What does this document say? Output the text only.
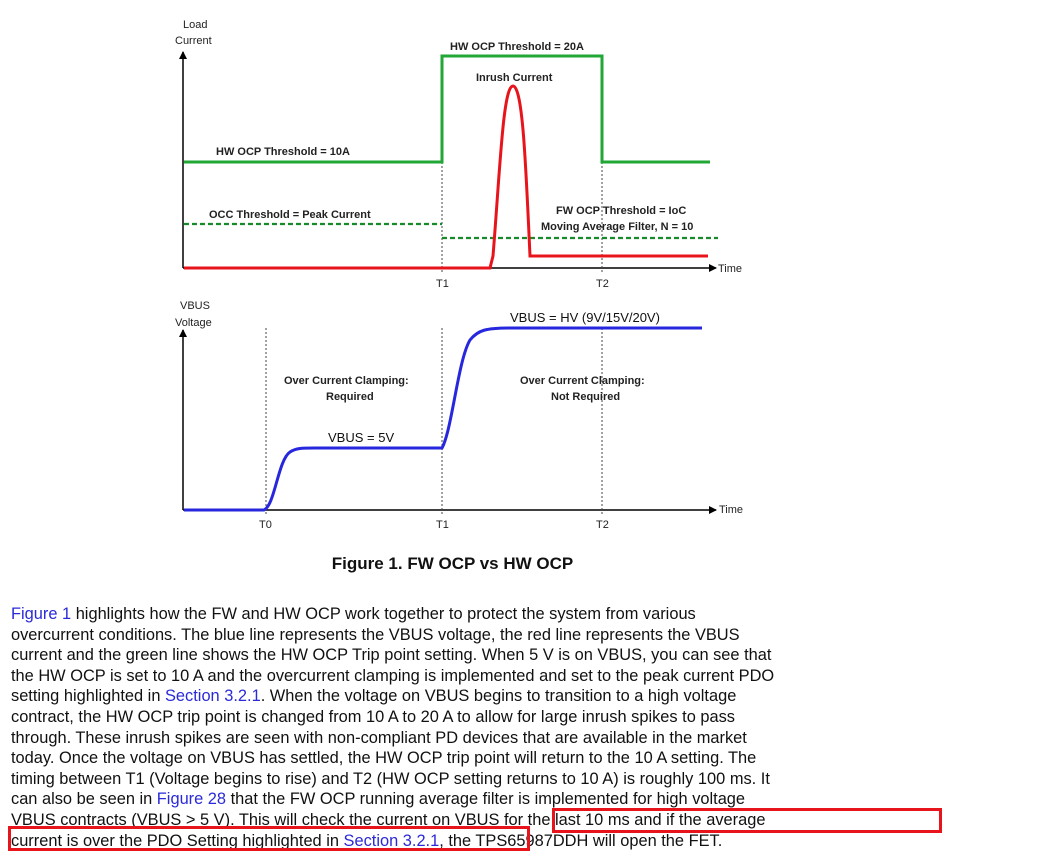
Load
Current
Time
T1	T2
HW OCP Threshold = 20A
Inrush Current
HW OCP Threshold = 10A
OCC Threshold = Peak Current	FW OCP Threshold = IoC
Moving Average Filter, N = 10
VBUS
Voltage
Time
T0	T1	T2
VBUS = HV (9V/15V/20V)
VBUS = 5V
Over Current Clamping:
Required
Over Current Clamping:
Not Required
Figure 1. FW OCP vs HW OCP
Figure 1 highlights how the FW and HW OCP work together to protect the system from various
overcurrent conditions. The blue line represents the VBUS voltage, the red line represents the VBUS
current and the green line shows the HW OCP Trip point setting. When 5 V is on VBUS, you can see that
the HW OCP is set to 10 A and the overcurrent clamping is implemented and set to the peak current PDO
setting highlighted in Section 3.2.1. When the voltage on VBUS begins to transition to a high voltage
contract, the HW OCP trip point is changed from 10 A to 20 A to allow for large inrush spikes to pass
through. These inrush spikes are seen with non-compliant PD devices that are available in the market
today. Once the voltage on VBUS has settled, the HW OCP trip point will return to the 10 A setting. The
timing between T1 (Voltage begins to rise) and T2 (HW OCP setting returns to 10 A) is roughly 100 ms. It
can also be seen in Figure 28 that the FW OCP running average filter is implemented for high voltage
VBUS contracts (VBUS > 5 V). This will check the current on VBUS for the last 10 ms and if the average
current is over the PDO Setting highlighted in Section 3.2.1, the TPS65987DDH will open the FET.
